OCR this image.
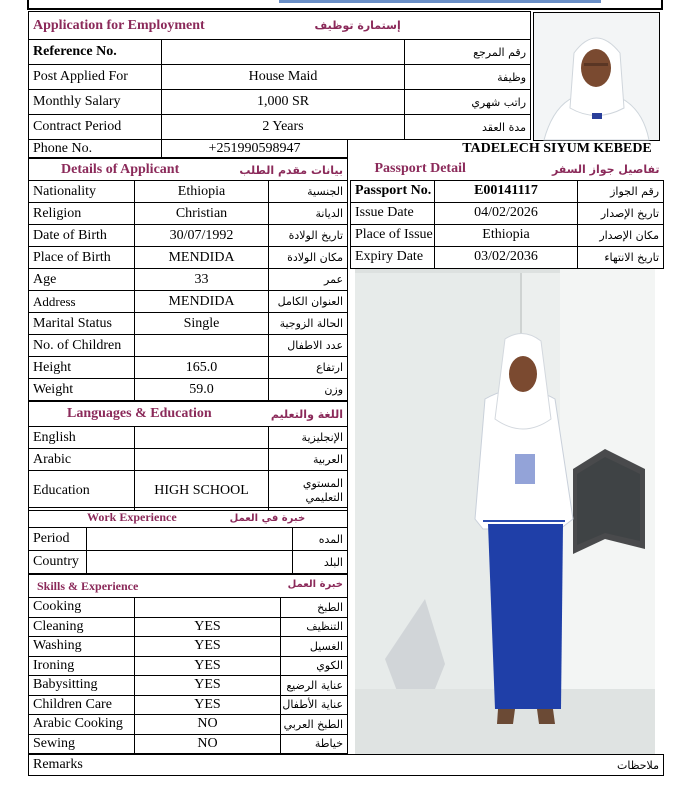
Application for Employment		إستمارة توظيف
Reference No.		رقم المرجع
Post Applied For	House Maid	وظيفة
Monthly Salary	1,000 SR	راتب شهري
Contract Period	2 Years	مدة العقد
Phone No.	+251990598947	TADELECH SIYUM KEBEDE
Details of Applicant بيانات مقدم الطلب		

Nationality	Ethiopia	الجنسية
Religion	Christian	الديانة
Date of Birth	30/07/1992	تاريخ الولادة
Place of Birth	MENDIDA	مكان الولادة
Age	33	عمر
Address	MENDIDA	العنوان الكامل
Marital Status	Single	الحالة الزوجية
No. of Children		عدد الاطفال
Height	165.0	ارتفاع
Weight	59.0	وزن
Passport Detail تفاصيل جواز السفر		

Passport No.	E00141117	رقم الجواز
Issue Date	04/02/2026	تاريخ الإصدار
Place of Issue	Ethiopia	مكان الإصدار
Expiry Date	03/02/2036	تاريخ الانتهاء
Languages & Education اللغة والتعليم		

English		الإنجليزية
Arabic		العربية
Education	HIGH SCHOOL	المستوي
التعليمي
Work Experience خبرة في العمل		
Period		المده
Country		البلد
Skills & Experience خبرة العمل		

Cooking		الطبخ
Cleaning	YES	التنظيف
Washing	YES	الغسيل
Ironing	YES	الكوي
Babysitting	YES	عناية الرضيع
Children Care	YES	عناية الأطفال
Arabic Cooking	NO	الطبخ العربي
Sewing	NO	خياطة
Remarks	ملاحظات
